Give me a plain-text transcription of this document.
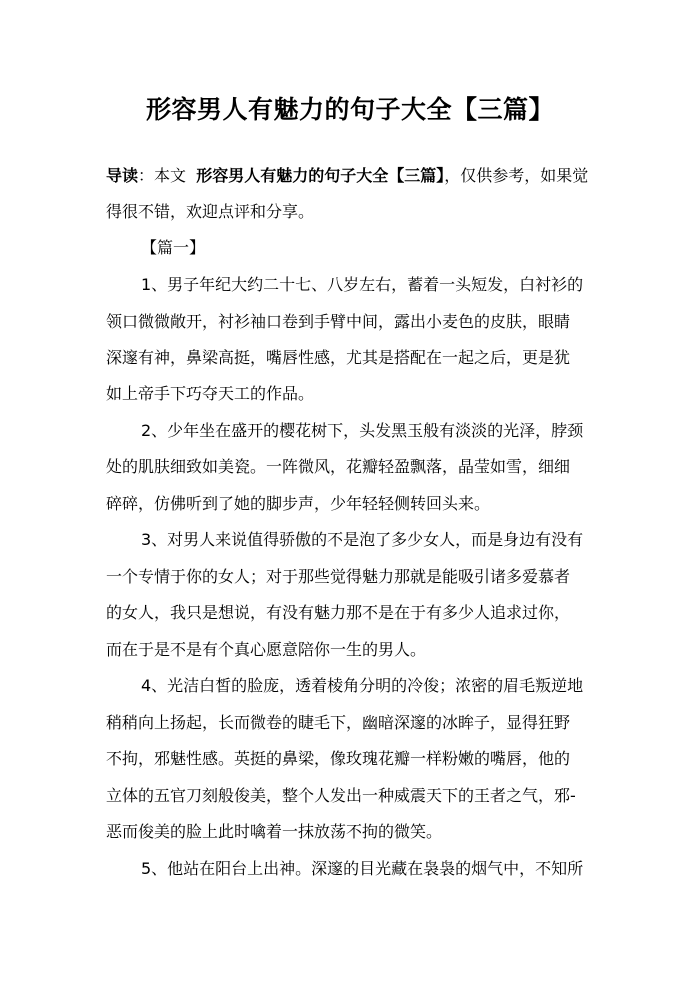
形容男人有魅力的句子大全【三篇】
导读：本文 形容男人有魅力的句子大全【三篇】，仅供参考，如果觉
得很不错，欢迎点评和分享。
【篇一】
1、男子年纪大约二十七、八岁左右，蓄着一头短发，白衬衫的
领口微微敞开，衬衫袖口卷到手臂中间，露出小麦色的皮肤，眼睛
深邃有神，鼻梁高挺，嘴唇性感，尤其是搭配在一起之后，更是犹
如上帝手下巧夺天工的作品。
2、少年坐在盛开的樱花树下，头发黑玉般有淡淡的光泽，脖颈
处的肌肤细致如美瓷。一阵微风，花瓣轻盈飘落，晶莹如雪，细细
碎碎，仿佛听到了她的脚步声，少年轻轻侧转回头来。
3、对男人来说值得骄傲的不是泡了多少女人，而是身边有没有
一个专情于你的女人；对于那些觉得魅力那就是能吸引诸多爱慕者
的女人，我只是想说，有没有魅力那不是在于有多少人追求过你，
而在于是不是有个真心愿意陪你一生的男人。
4、光洁白皙的脸庞，透着棱角分明的冷俊；浓密的眉毛叛逆地
稍稍向上扬起，长而微卷的睫毛下，幽暗深邃的冰眸子，显得狂野
不拘，邪魅性感。英挺的鼻梁，像玫瑰花瓣一样粉嫩的嘴唇，他的
立体的五官刀刻般俊美，整个人发出一种威震天下的王者之气，邪-
恶而俊美的脸上此时噙着一抹放荡不拘的微笑。
5、他站在阳台上出神。深邃的目光藏在袅袅的烟气中，不知所
